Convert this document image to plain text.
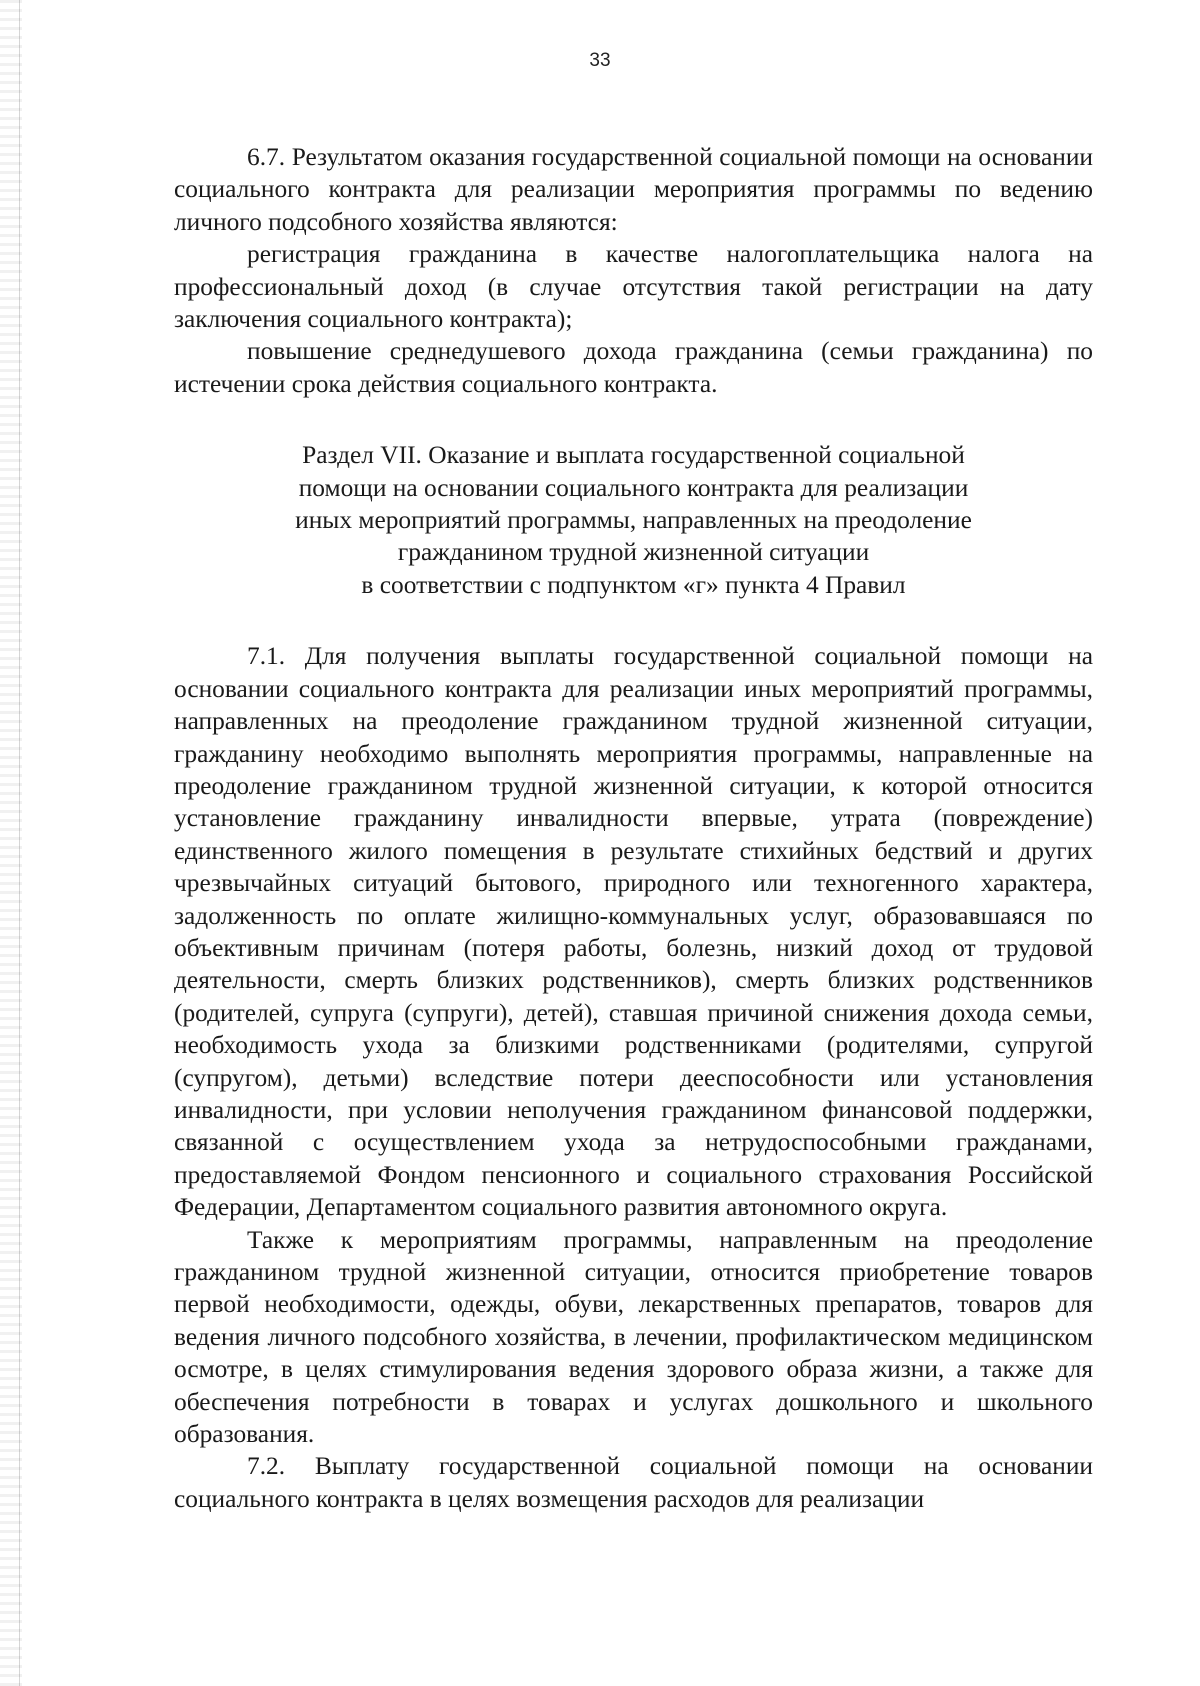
33

6.7. Результатом оказания государственной социальной помощи на основании социального контракта для реализации мероприятия программы по ведению личного подсобного хозяйства являются:

регистрация гражданина в качестве налогоплательщика налога на профессиональный доход (в случае отсутствия такой регистрации на дату заключения социального контракта);

повышение среднедушевого дохода гражданина (семьи гражданина) по истечении срока действия социального контракта.

Раздел VII. Оказание и выплата государственной социальной
помощи на основании социального контракта для реализации
иных мероприятий программы, направленных на преодоление
гражданином трудной жизненной ситуации
в соответствии с подпунктом «г» пункта 4 Правил

7.1. Для получения выплаты государственной социальной помощи на основании социального контракта для реализации иных мероприятий программы, направленных на преодоление гражданином трудной жизненной ситуации, гражданину необходимо выполнять мероприятия программы, направленные на преодоление гражданином трудной жизненной ситуации, к которой относится установление гражданину инвалидности впервые, утрата (повреждение) единственного жилого помещения в результате стихийных бедствий и других чрезвычайных ситуаций бытового, природного или техногенного характера, задолженность по оплате жилищно-коммунальных услуг, образовавшаяся по объективным причинам (потеря работы, болезнь, низкий доход от трудовой деятельности, смерть близких родственников), смерть близких родственников (родителей, супруга (супруги), детей), ставшая причиной снижения дохода семьи, необходимость ухода за близкими родственниками (родителями, супругой (супругом), детьми) вследствие потери дееспособности или установления инвалидности, при условии неполучения гражданином финансовой поддержки, связанной с осуществлением ухода за нетрудоспособными гражданами, предоставляемой Фондом пенсионного и социального страхования Российской Федерации, Департаментом социального развития автономного округа.

Также к мероприятиям программы, направленным на преодоление гражданином трудной жизненной ситуации, относится приобретение товаров первой необходимости, одежды, обуви, лекарственных препаратов, товаров для ведения личного подсобного хозяйства, в лечении, профилактическом медицинском осмотре, в целях стимулирования ведения здорового образа жизни, а также для обеспечения потребности в товарах и услугах дошкольного и школьного образования.

7.2. Выплату государственной социальной помощи на основании социального контракта в целях возмещения расходов для реализации
